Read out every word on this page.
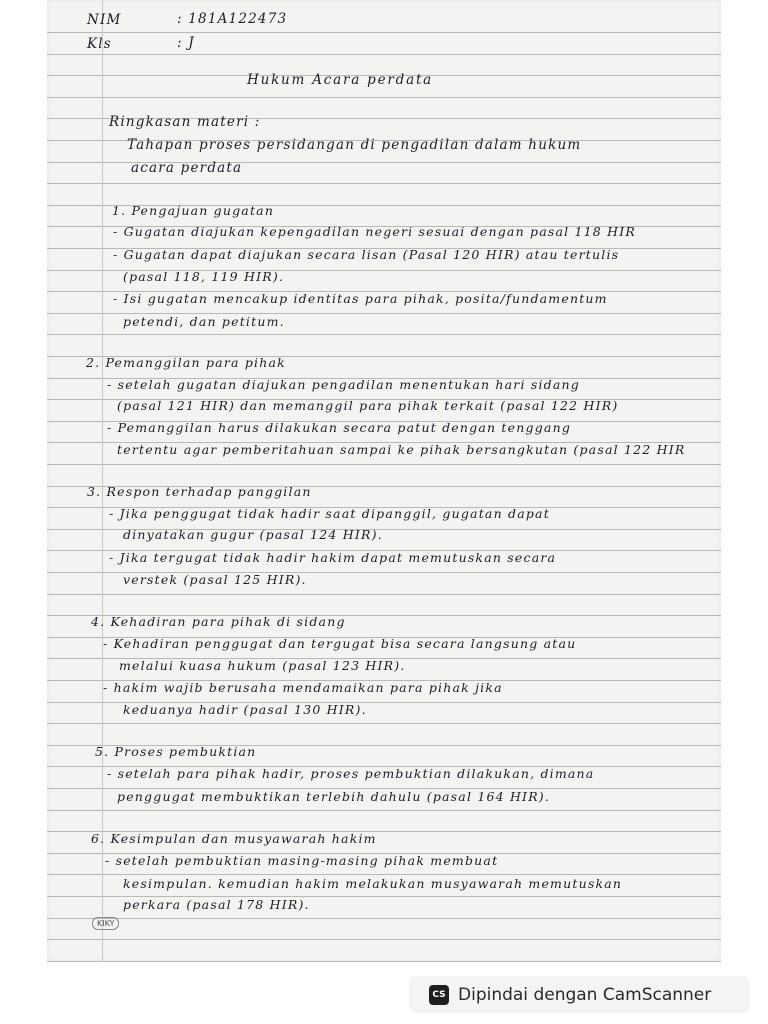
NIM	: 181A122473
Kls	: J
Hukum Acara perdata
Ringkasan materi :
Tahapan proses persidangan di pengadilan dalam hukum
acara perdata
1. Pengajuan gugatan
- Gugatan diajukan kepengadilan negeri sesuai dengan pasal 118 HIR
- Gugatan dapat diajukan secara lisan (Pasal 120 HIR) atau tertulis
(pasal 118, 119 HIR).
- Isi gugatan mencakup identitas para pihak, posita/fundamentum
petendi, dan petitum.
2. Pemanggilan para pihak
- setelah gugatan diajukan pengadilan menentukan hari sidang
(pasal 121 HIR) dan memanggil para pihak terkait (pasal 122 HIR)
- Pemanggilan harus dilakukan secara patut dengan tenggang
tertentu agar pemberitahuan sampai ke pihak bersangkutan (pasal 122 HIR
3. Respon terhadap panggilan
- Jika penggugat tidak hadir saat dipanggil, gugatan dapat
dinyatakan gugur (pasal 124 HIR).
- Jika tergugat tidak hadir hakim dapat memutuskan secara
verstek (pasal 125 HIR).
4. Kehadiran para pihak di sidang
- Kehadiran penggugat dan tergugat bisa secara langsung atau
melalui kuasa hukum (pasal 123 HIR).
- hakim wajib berusaha mendamaikan para pihak jika
keduanya hadir (pasal 130 HIR).
5. Proses pembuktian
- setelah para pihak hadir, proses pembuktian dilakukan, dimana
penggugat membuktikan terlebih dahulu (pasal 164 HIR).
6. Kesimpulan dan musyawarah hakim
- setelah pembuktian masing-masing pihak membuat
kesimpulan. kemudian hakim melakukan musyawarah memutuskan
perkara (pasal 178 HIR).
KIKY
CS Dipindai dengan CamScanner
